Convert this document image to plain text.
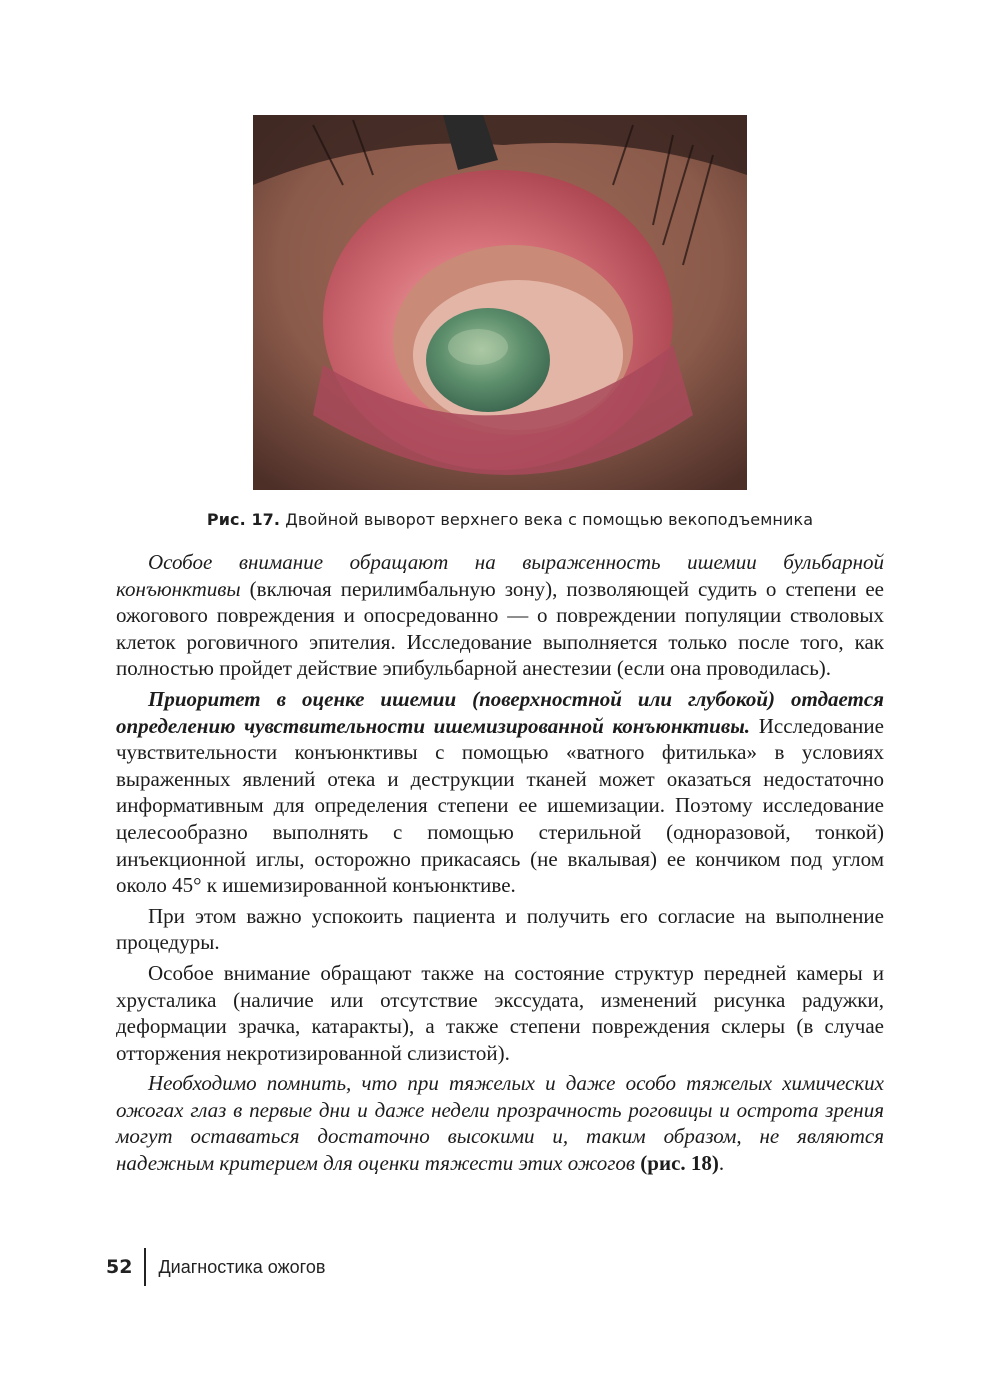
Рис. 17. Двойной выворот верхнего века с помощью векоподъемника

Особое внимание обращают на выраженность ишемии бульбарной конъюнктивы (включая перилимбальную зону), позволяющей судить о степени ее ожогового повреждения и опосредованно — о повреждении популяции стволовых клеток роговичного эпителия. Исследование выполняется только после того, как полностью пройдет действие эпибульбарной анестезии (если она проводилась).

Приоритет в оценке ишемии (поверхностной или глубокой) отдается определению чувствительности ишемизированной конъюнктивы. Исследование чувствительности конъюнктивы с помощью «ватного фитилька» в условиях выраженных явлений отека и деструкции тканей может оказаться недостаточно информативным для определения степени ее ишемизации. Поэтому исследование целесообразно выполнять с помощью стерильной (одноразовой, тонкой) инъекционной иглы, осторожно прикасаясь (не вкалывая) ее кончиком под углом около 45° к ишемизированной конъюнктиве.

При этом важно успокоить пациента и получить его согласие на выполнение процедуры.

Особое внимание обращают также на состояние структур передней камеры и хрусталика (наличие или отсутствие экссудата, изменений рисунка радужки, деформации зрачка, катаракты), а также степени повреждения склеры (в случае отторжения некротизированной слизистой).

Необходимо помнить, что при тяжелых и даже особо тяжелых химических ожогах глаз в первые дни и даже недели прозрачность роговицы и острота зрения могут оставаться достаточно высокими и, таким образом, не являются надежным критерием для оценки тяжести этих ожогов (рис. 18).

52	Диагностика ожогов
